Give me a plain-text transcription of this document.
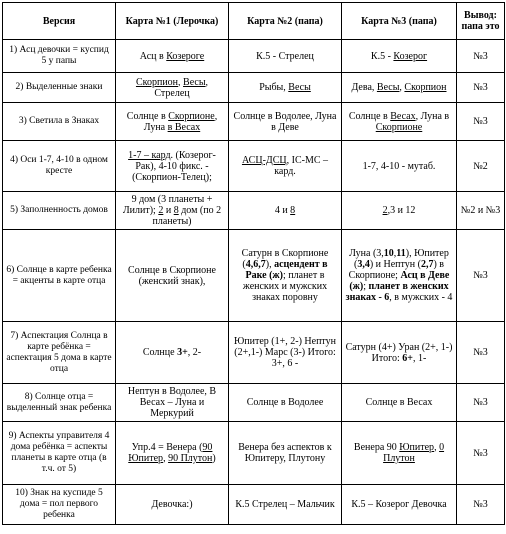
Версия	Карта №1 (Лерочка)	Карта №2 (папа)	Карта №3 (папа)	Вывод: папа это
1) Асц девочки = куспид 5 у папы	Асц в Козероге	К.5 - Стрелец	К.5 - Козерог	№3
2) Выделенные знаки	Скорпион, Весы, Стрелец	Рыбы, Весы	Дева, Весы, Скорпион	№3
3) Светила в Знаках	Солнце в Скорпионе, Луна в Весах	Солнце в Водолее, Луна в Деве	Солнце в Весах, Луна в Скорпионе	№3
4) Оси 1-7, 4-10 в одном кресте	1-7 – кард. (Козерог-Рак), 4-10 фикс. - (Скорпион-Телец);	АСЦ-ДСЦ, IC-MC – кард.	1-7, 4-10 - мутаб.	№2
5) Заполненность домов	9 дом (3 планеты + Лилит); 2 и 8 дом (по 2 планеты)	4 и 8	2,3 и 12	№2 и №3
6) Солнце в карте ребенка = акценты в карте отца	Солнце в Скорпионе (женский знак),	Сатурн в Скорпионе (4,6,7), асцендент в Раке (ж); планет в женских и мужских знаках поровну	Луна (3,10,11), Юпитер (3,4) и Нептун (2,7) в Скорпионе; Асц в Деве (ж); планет в женских знаках - 6, в мужских - 4	№3
7) Аспектация Солнца в карте ребёнка = аспектация 5 дома в карте отца	Солнце 3+, 2-	Юпитер (1+, 2-) Нептун (2+,1-) Марс (3-) Итого: 3+, 6 -	Сатурн (4+) Уран (2+, 1-) Итого: 6+, 1-	№3
8) Солнце отца = выделенный знак ребенка	Нептун в Водолее, В Весах – Луна и Меркурий	Солнце в Водолее	Солнце в Весах	№3
9) Аспекты управителя 4 дома ребёнка = аспекты планеты в карте отца (в т.ч. от 5)	Упр.4 = Венера (90 Юпитер, 90 Плутон)	Венера без аспектов к Юпитеру, Плутону	Венера 90 Юпитер, 0 Плутон	№3
10) Знак на куспиде 5 дома = пол первого ребенка	Девочка:)	К.5 Стрелец – Мальчик	К.5 – Козерог Девочка	№3
